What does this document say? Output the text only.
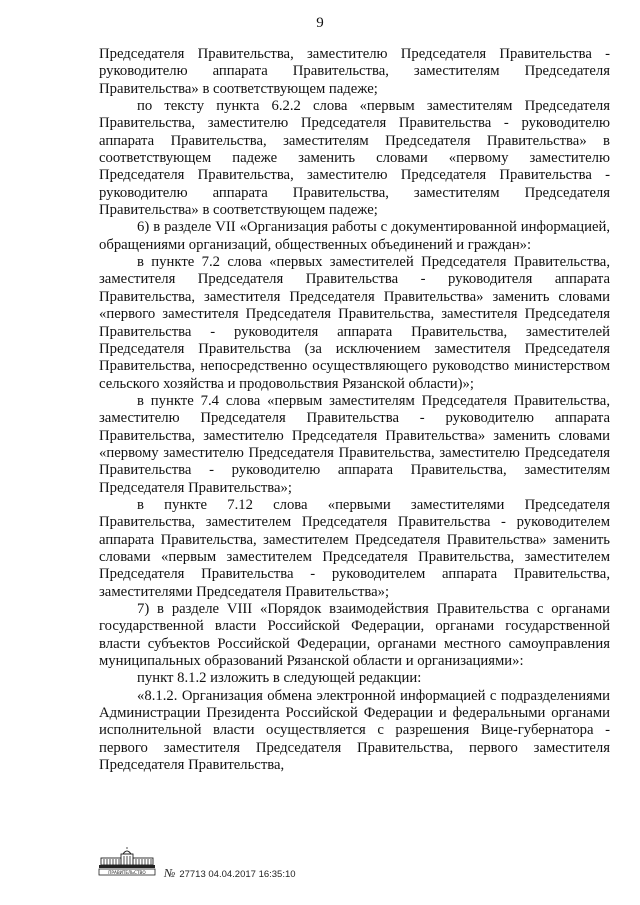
9

Председателя Правительства, заместителю Председателя Правительства - руководителю аппарата Правительства, заместителям Председателя Правительства» в соответствующем падеже;

по тексту пункта 6.2.2 слова «первым заместителям Председателя Правительства, заместителю Председателя Правительства - руководителю аппарата Правительства, заместителям Председателя Правительства» в соответствующем падеже заменить словами «первому заместителю Председателя Правительства, заместителю Председателя Правительства - руководителю аппарата Правительства, заместителям Председателя Правительства» в соответствующем падеже;

6) в разделе VII «Организация работы с документированной информацией, обращениями организаций, общественных объединений и граждан»:

в пункте 7.2 слова «первых заместителей Председателя Правительства, заместителя Председателя Правительства - руководителя аппарата Правительства, заместителя Председателя Правительства» заменить словами «первого заместителя Председателя Правительства, заместителя Председателя Правительства - руководителя аппарата Правительства, заместителей Председателя Правительства (за исключением заместителя Председателя Правительства, непосредственно осуществляющего руководство министерством сельского хозяйства и продовольствия Рязанской области)»;

в пункте 7.4 слова «первым заместителям Председателя Правительства, заместителю Председателя Правительства - руководителю аппарата Правительства, заместителю Председателя Правительства» заменить словами «первому заместителю Председателя Правительства, заместителю Председателя Правительства - руководителю аппарата Правительства, заместителям Председателя Правительства»;

в пункте 7.12 слова «первыми заместителями Председателя Правительства, заместителем Председателя Правительства - руководителем аппарата Правительства, заместителем Председателя Правительства» заменить словами «первым заместителем Председателя Правительства, заместителем Председателя Правительства - руководителем аппарата Правительства, заместителями Председателя Правительства»;

7) в разделе VIII «Порядок взаимодействия Правительства с органами государственной власти Российской Федерации, органами государственной власти субъектов Российской Федерации, органами местного самоуправления муниципальных образований Рязанской области и организациями»:

пункт 8.1.2 изложить в следующей редакции:

«8.1.2. Организация обмена электронной информацией с подразделениями Администрации Президента Российской Федерации и федеральными органами исполнительной власти осуществляется с разрешения Вице-губернатора - первого заместителя Председателя Правительства, первого заместителя Председателя Правительства,

ПРАВИТЕЛЬСТВО № 27713 04.04.2017 16:35:10
